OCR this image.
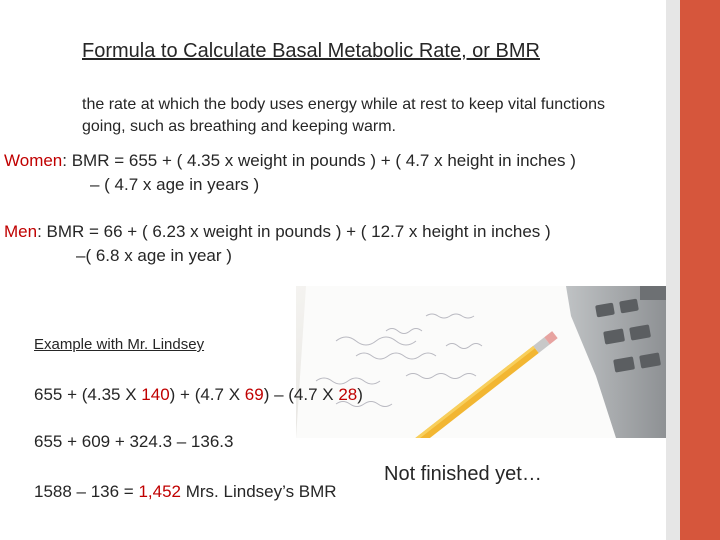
Formula to Calculate Basal Metabolic Rate, or BMR
the rate at which the body uses energy while at rest to keep vital functions going, such as breathing and keeping warm.
Women: BMR = 655 + ( 4.35 x weight in pounds ) + ( 4.7 x height in inches ) – ( 4.7 x age in years )
Men: BMR = 66 + ( 6.23 x weight in pounds ) + ( 12.7 x height in inches )
–( 6.8 x age in year )
Example with Mr. Lindsey
655 + (4.35 X 140) + (4.7 X 69) – (4.7 X 28)
655 + 609 + 324.3 – 136.3
1588 – 136 = 1,452 Mrs. Lindsey’s BMR
Not finished yet…
